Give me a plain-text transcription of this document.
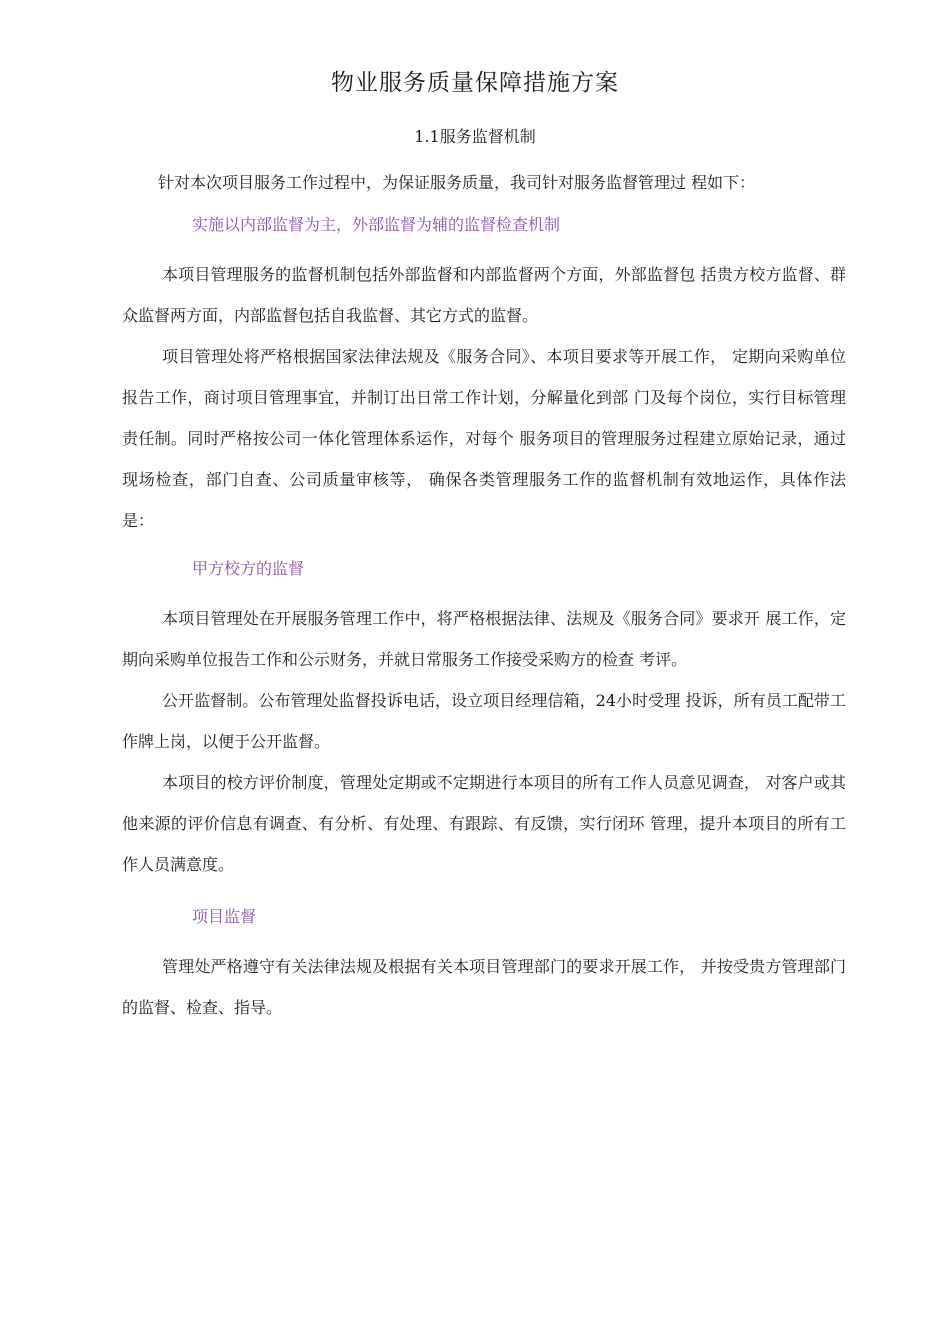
物业服务质量保障措施方案
1.1服务监督机制
针对本次项目服务工作过程中，为保证服务质量，我司针对服务监督管理过 程如下：
实施以内部监督为主，外部监督为辅的监督检查机制

本项目管理服务的监督机制包括外部监督和内部监督两个方面，外部监督包 括贵方校方监督、群众监督两方面，内部监督包括自我监督、其它方式的监督。

项目管理处将严格根据国家法律法规及《服务合同》、本项目要求等开展工作， 定期向采购单位报告工作，商讨项目管理事宜，并制订出日常工作计划，分解量化到部 门及每个岗位，实行目标管理责任制。同时严格按公司一体化管理体系运作，对每个 服务项目的管理服务过程建立原始记录，通过现场检查，部门自查、公司质量审核等， 确保各类管理服务工作的监督机制有效地运作，具体作法是：

甲方校方的监督

本项目管理处在开展服务管理工作中，将严格根据法律、法规及《服务合同》要求开 展工作，定期向采购单位报告工作和公示财务，并就日常服务工作接受采购方的检查 考评。

公开监督制。公布管理处监督投诉电话，设立项目经理信箱，24小时受理 投诉，所有员工配带工作牌上岗，以便于公开监督。

本项目的校方评价制度，管理处定期或不定期进行本项目的所有工作人员意见调查， 对客户或其他来源的评价信息有调查、有分析、有处理、有跟踪、有反馈，实行闭环 管理，提升本项目的所有工作人员满意度。

项目监督

管理处严格遵守有关法律法规及根据有关本项目管理部门的要求开展工作， 并按受贵方管理部门的监督、检查、指导。
